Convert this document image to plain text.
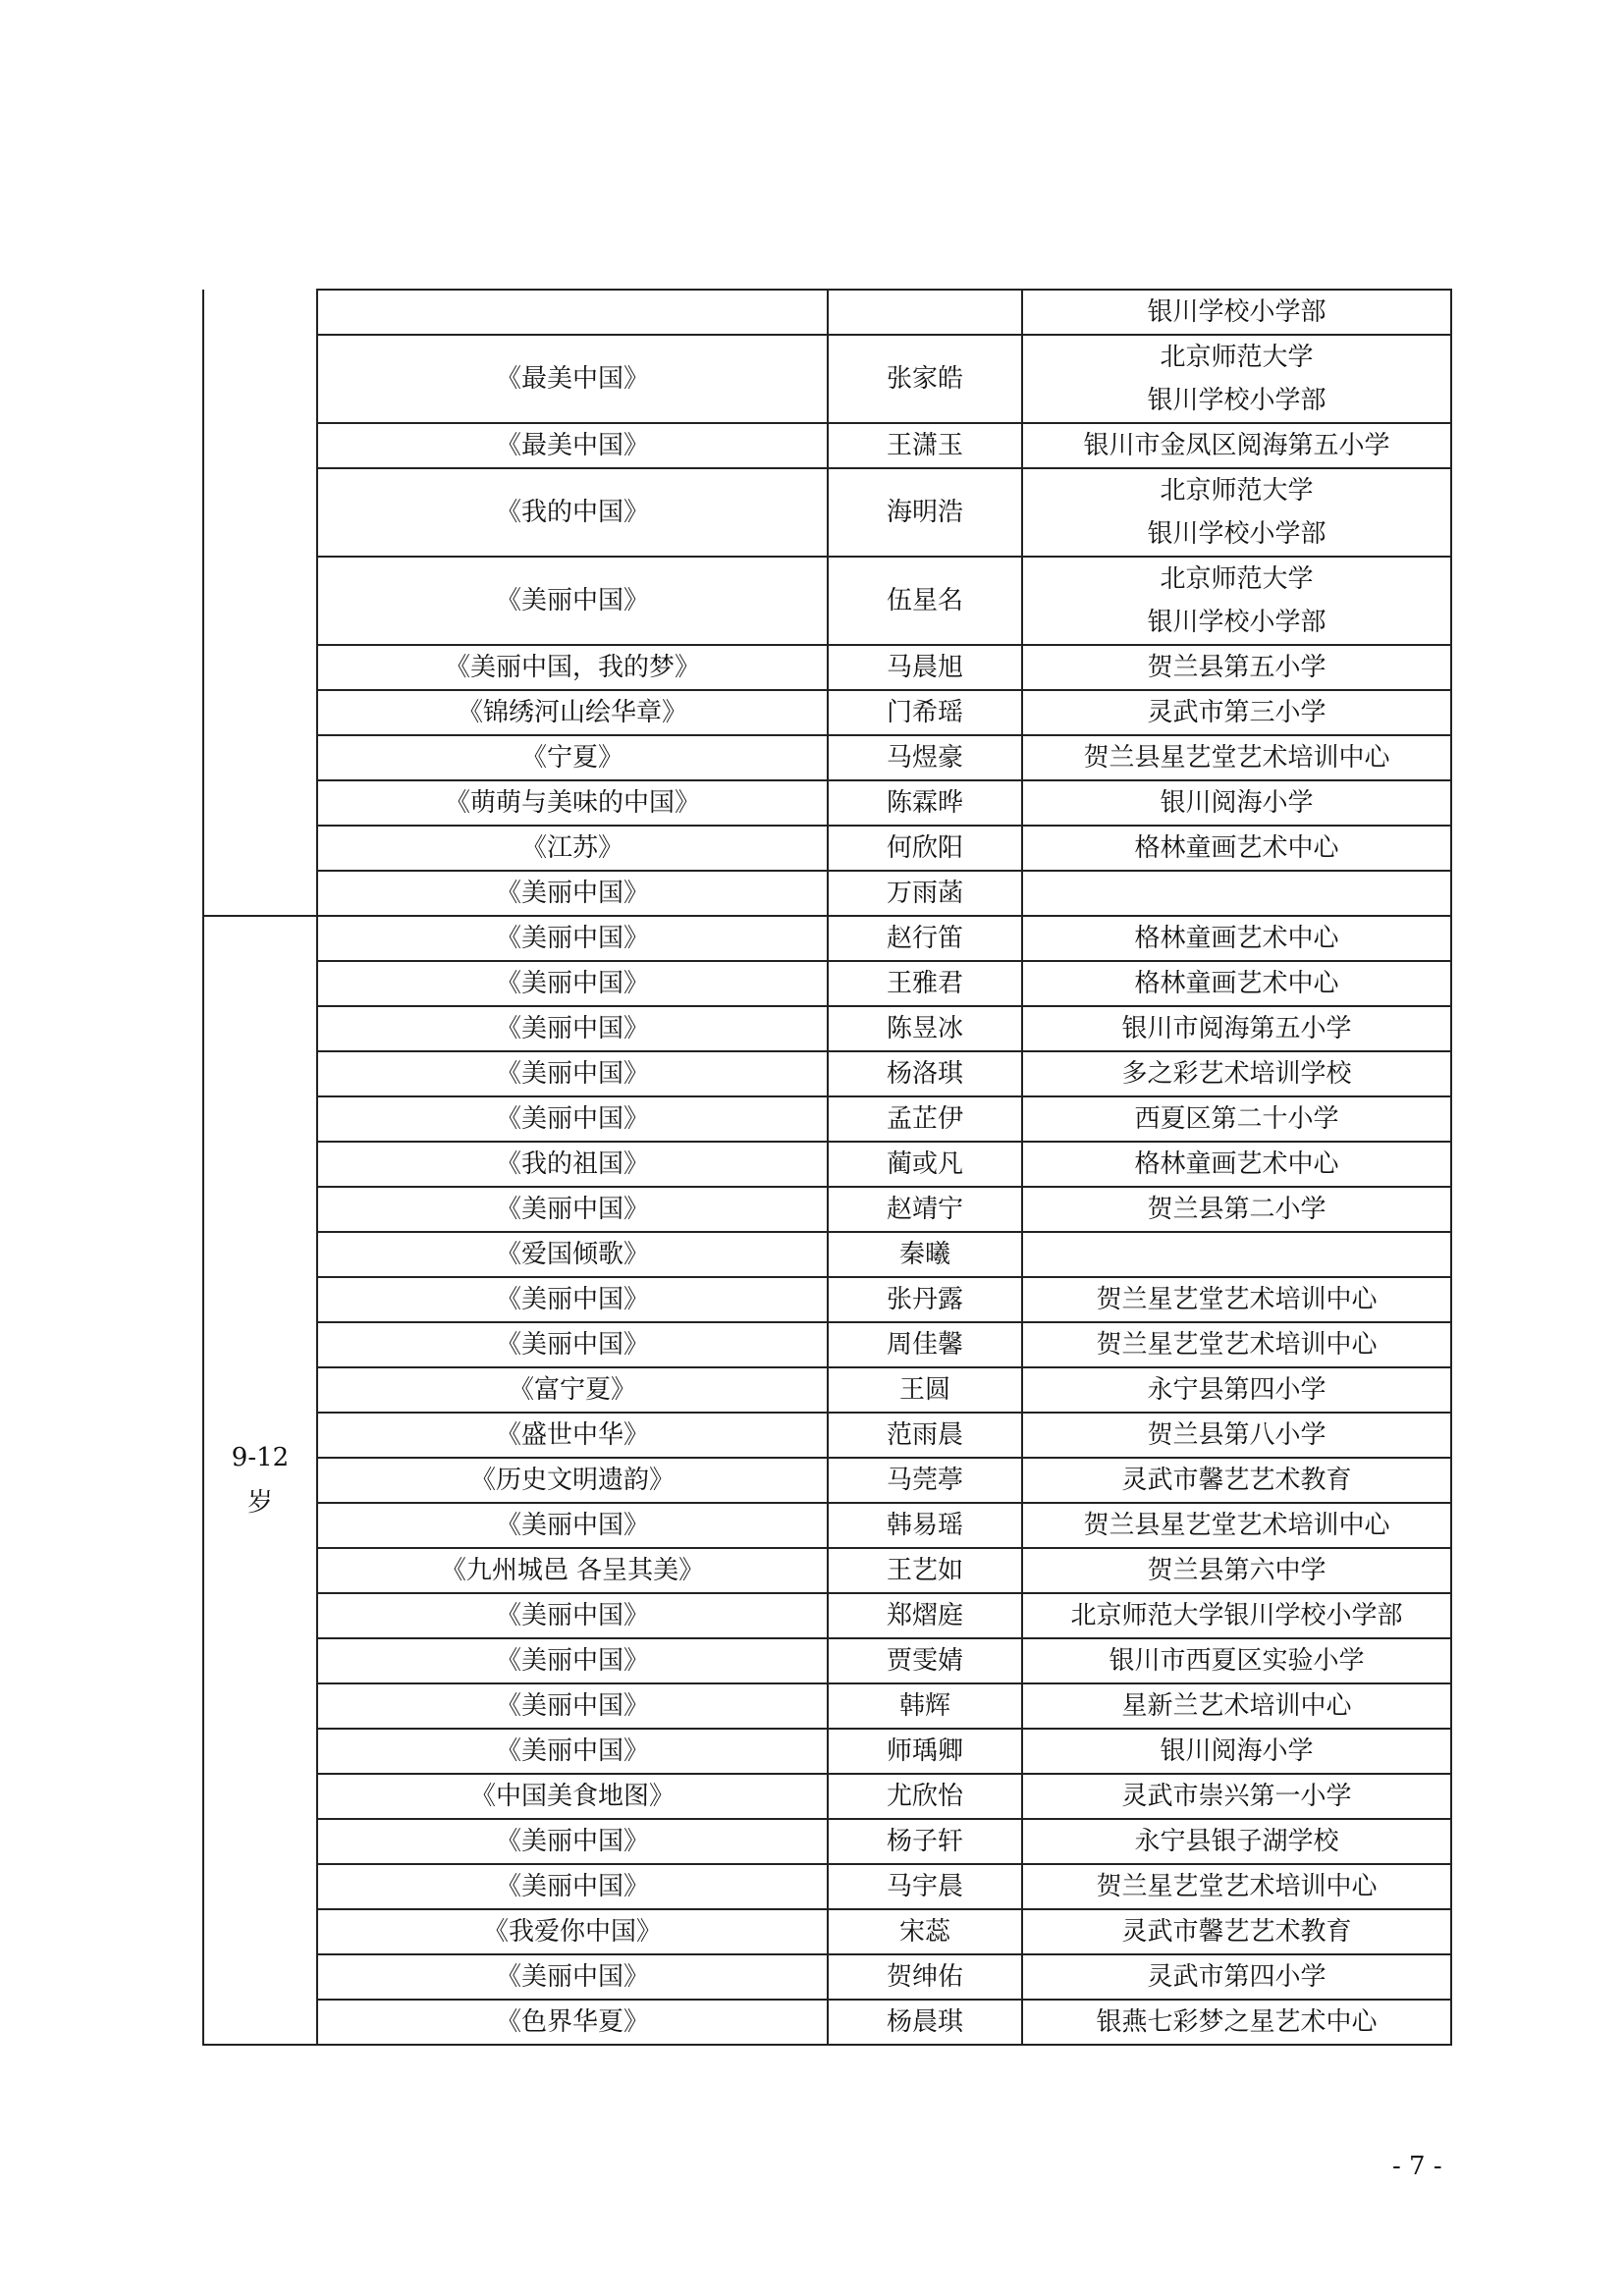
			银川学校小学部

	《最美中国》	张家皓	北京师范大学
银川学校小学部

	《最美中国》	王潇玉	银川市金凤区阅海第五小学

	《我的中国》	海明浩	北京师范大学
银川学校小学部

	《美丽中国》	伍星名	北京师范大学
银川学校小学部

	《美丽中国，我的梦》	马晨旭	贺兰县第五小学

	《锦绣河山绘华章》	门希瑶	灵武市第三小学

	《宁夏》	马煜豪	贺兰县星艺堂艺术培训中心

	《萌萌与美味的中国》	陈霖晔	银川阅海小学

	《江苏》	何欣阳	格林童画艺术中心

	《美丽中国》	万雨菡	

9-12
岁	《美丽中国》	赵行笛	格林童画艺术中心

	《美丽中国》	王雅君	格林童画艺术中心

	《美丽中国》	陈昱冰	银川市阅海第五小学

	《美丽中国》	杨洛琪	多之彩艺术培训学校

	《美丽中国》	孟芷伊	西夏区第二十小学

	《我的祖国》	蔺或凡	格林童画艺术中心

	《美丽中国》	赵靖宁	贺兰县第二小学

	《爱国倾歌》	秦曦	

	《美丽中国》	张丹露	贺兰星艺堂艺术培训中心

	《美丽中国》	周佳馨	贺兰星艺堂艺术培训中心

	《富宁夏》	王圆	永宁县第四小学

	《盛世中华》	范雨晨	贺兰县第八小学

	《历史文明遗韵》	马莞葶	灵武市馨艺艺术教育

	《美丽中国》	韩易瑶	贺兰县星艺堂艺术培训中心

	《九州城邑 各呈其美》	王艺如	贺兰县第六中学

	《美丽中国》	郑熠庭	北京师范大学银川学校小学部

	《美丽中国》	贾雯婧	银川市西夏区实验小学

	《美丽中国》	韩辉	星新兰艺术培训中心

	《美丽中国》	师瑀卿	银川阅海小学

	《中国美食地图》	尤欣怡	灵武市崇兴第一小学

	《美丽中国》	杨子轩	永宁县银子湖学校

	《美丽中国》	马宇晨	贺兰星艺堂艺术培训中心

	《我爱你中国》	宋蕊	灵武市馨艺艺术教育

	《美丽中国》	贺绅佑	灵武市第四小学

	《色界华夏》	杨晨琪	银燕七彩梦之星艺术中心
- 7 -
